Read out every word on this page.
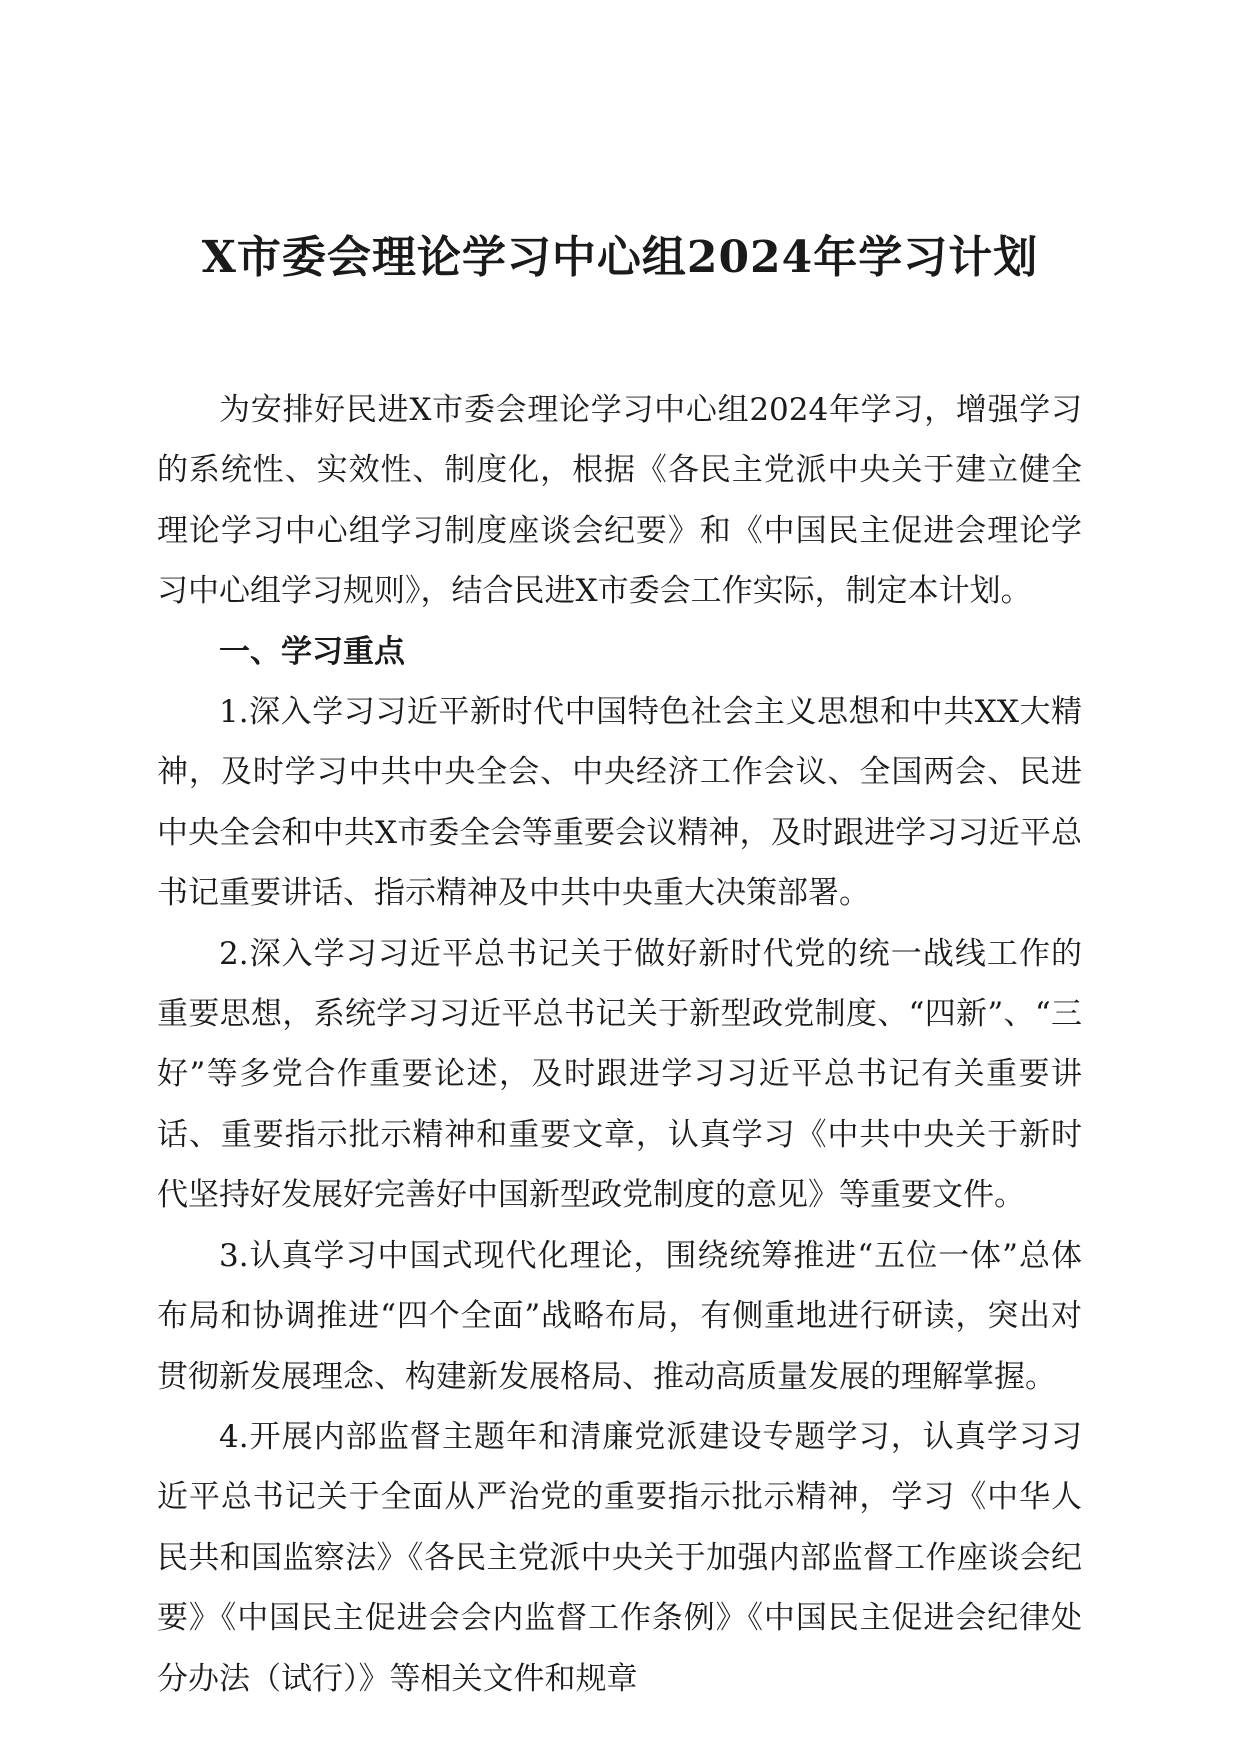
X市委会理论学习中心组2024年学习计划

为安排好民进X市委会理论学习中心组2024年学习，增强学习的系统性、实效性、制度化，根据《各民主党派中央关于建立健全理论学习中心组学习制度座谈会纪要》和《中国民主促进会理论学习中心组学习规则》，结合民进X市委会工作实际，制定本计划。

一、学习重点

1.深入学习习近平新时代中国特色社会主义思想和中共XX大精神，及时学习中共中央全会、中央经济工作会议、全国两会、民进中央全会和中共X市委全会等重要会议精神，及时跟进学习习近平总书记重要讲话、指示精神及中共中央重大决策部署。

2.深入学习习近平总书记关于做好新时代党的统一战线工作的重要思想，系统学习习近平总书记关于新型政党制度、“四新”、“三好”等多党合作重要论述，及时跟进学习习近平总书记有关重要讲话、重要指示批示精神和重要文章，认真学习《中共中央关于新时代坚持好发展好完善好中国新型政党制度的意见》等重要文件。

3.认真学习中国式现代化理论，围绕统筹推进“五位一体”总体布局和协调推进“四个全面”战略布局，有侧重地进行研读，突出对贯彻新发展理念、构建新发展格局、推动高质量发展的理解掌握。

4.开展内部监督主题年和清廉党派建设专题学习，认真学习习近平总书记关于全面从严治党的重要指示批示精神，学习《中华人民共和国监察法》《各民主党派中央关于加强内部监督工作座谈会纪要》《中国民主促进会会内监督工作条例》《中国民主促进会纪律处分办法（试行）》等相关文件和规章
